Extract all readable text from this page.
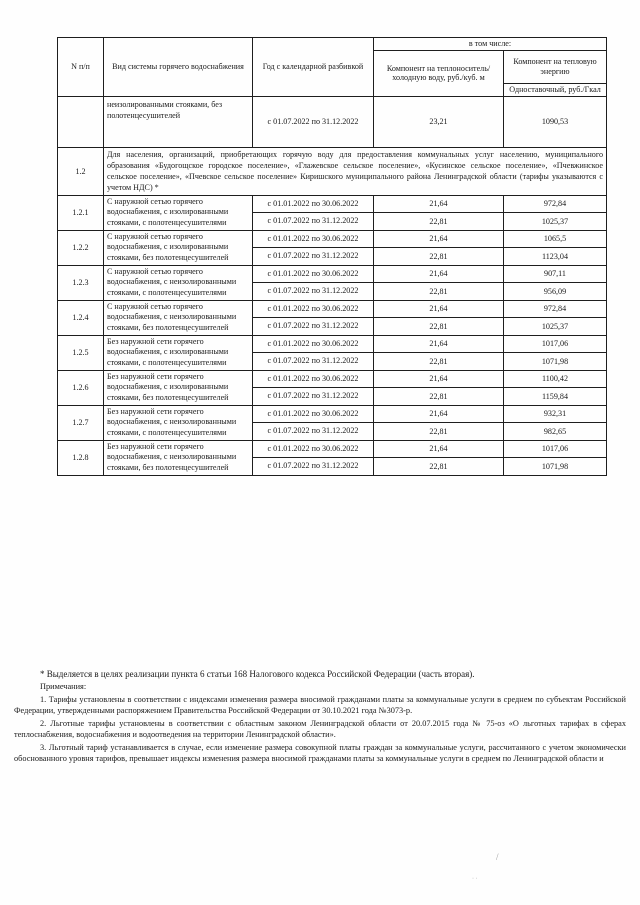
N п/п	Вид системы горячего водоснабжения	Год с календарной разбивкой	в том числе:	
			Компонент на теплоноситель/холодную воду, руб./куб. м	Компонент на тепловую энергию
				Одноставочный, руб./Гкал
	неизолированными стояками, без полотенцесушителей	с 01.07.2022 по 31.12.2022	23,21	1090,53
1.2	Для населения, организаций, приобретающих горячую воду для предоставления коммунальных услуг населению, муниципального образования «Будогощское городское поселение», «Глажевское сельское поселение», «Кусинское сельское поселение», «Пчевжинское сельское поселение», «Пчевское сельское поселение» Киришского муниципального района Ленинградской области (тарифы указываются с учетом НДС) *			
1.2.1	С наружной сетью горячего водоснабжения, с изолированными стояками, с полотенцесушителями	с 01.01.2022 по 30.06.2022	21,64	972,84
		с 01.07.2022 по 31.12.2022	22,81	1025,37
1.2.2	С наружной сетью горячего водоснабжения, с изолированными стояками, без полотенцесушителей	с 01.01.2022 по 30.06.2022	21,64	1065,5
		с 01.07.2022 по 31.12.2022	22,81	1123,04
1.2.3	С наружной сетью горячего водоснабжения, с неизолированными стояками, с полотенцесушителями	с 01.01.2022 по 30.06.2022	21,64	907,11
		с 01.07.2022 по 31.12.2022	22,81	956,09
1.2.4	С наружной сетью горячего водоснабжения, с неизолированными стояками, без полотенцесушителей	с 01.01.2022 по 30.06.2022	21,64	972,84
		с 01.07.2022 по 31.12.2022	22,81	1025,37
1.2.5	Без наружной сети горячего водоснабжения, с изолированными стояками, с полотенцесушителями	с 01.01.2022 по 30.06.2022	21,64	1017,06
		с 01.07.2022 по 31.12.2022	22,81	1071,98
1.2.6	Без наружной сети горячего водоснабжения, с изолированными стояками, без полотенцесушителей	с 01.01.2022 по 30.06.2022	21,64	1100,42
		с 01.07.2022 по 31.12.2022	22,81	1159,84
1.2.7	Без наружной сети горячего водоснабжения, с неизолированными стояками, с полотенцесушителями	с 01.01.2022 по 30.06.2022	21,64	932,31
		с 01.07.2022 по 31.12.2022	22,81	982,65
1.2.8	Без наружной сети горячего водоснабжения, с неизолированными стояками, без полотенцесушителей	с 01.01.2022 по 30.06.2022	21,64	1017,06
		с 01.07.2022 по 31.12.2022	22,81	1071,98

* Выделяется в целях реализации пункта 6 статьи 168 Налогового кодекса Российской Федерации (часть вторая).

Примечания:

1. Тарифы установлены в соответствии с индексами изменения размера вносимой гражданами платы за коммунальные услуги в среднем по субъектам Российской Федерации, утвержденными распоряжением Правительства Российской Федерации от 30.10.2021 года №3073-р.

2. Льготные тарифы установлены в соответствии с областным законом Ленинградской области от 20.07.2015 года № 75-оз «О льготных тарифах в сферах теплоснабжения, водоснабжения и водоотведения на территории Ленинградской области».

3. Льготный тариф устанавливается в случае, если изменение размера совокупной платы граждан за коммунальные услуги, рассчитанного с учетом экономически обоснованного уровня тарифов, превышает индексы изменения размера вносимой гражданами платы за коммунальные услуги в среднем по Ленинградской области и

/
· ·
